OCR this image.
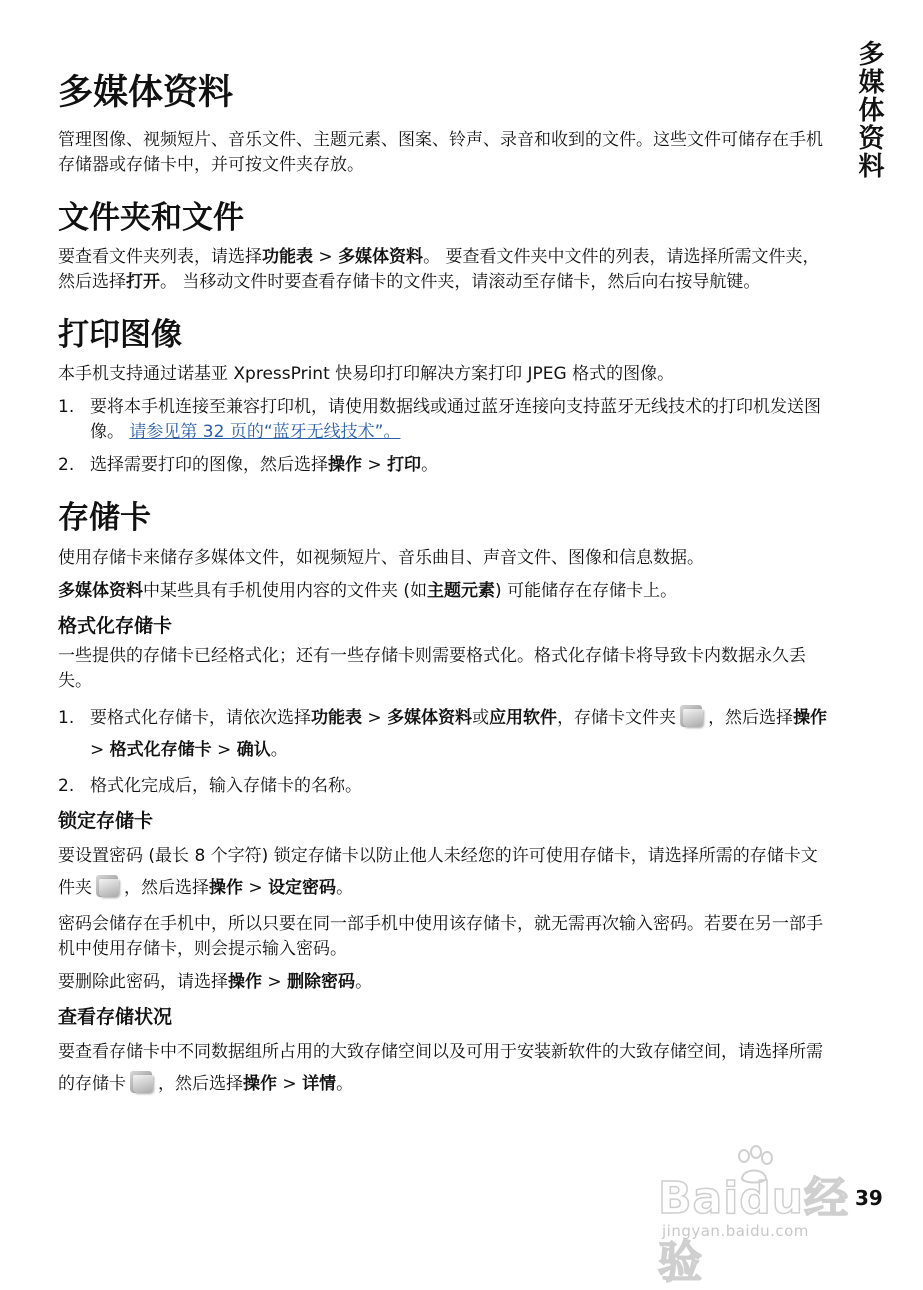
多媒体资料
多媒体资料

管理图像、视频短片、音乐文件、主题元素、图案、铃声、录音和收到的文件。这些文件可储存在手机存储器或存储卡中，并可按文件夹存放。

文件夹和文件

要查看文件夹列表，请选择功能表 > 多媒体资料。 要查看文件夹中文件的列表，请选择所需文件夹，然后选择打开。 当移动文件时要查看存储卡的文件夹，请滚动至存储卡，然后向右按导航键。

打印图像

本手机支持通过诺基亚 XpressPrint 快易印打印解决方案打印 JPEG 格式的图像。

1. 要将本手机连接至兼容打印机，请使用数据线或通过蓝牙连接向支持蓝牙无线技术的打印机发送图像。 请参见第 32 页的“蓝牙无线技术”。
2. 选择需要打印的图像，然后选择操作 > 打印。
存储卡

使用存储卡来储存多媒体文件，如视频短片、音乐曲目、声音文件、图像和信息数据。

多媒体资料中某些具有手机使用内容的文件夹 (如主题元素) 可能储存在存储卡上。

格式化存储卡

一些提供的存储卡已经格式化；还有一些存储卡则需要格式化。格式化存储卡将导致卡内数据永久丢失。

1. 要格式化存储卡，请依次选择功能表 > 多媒体资料或应用软件，存储卡文件夹 ，然后选择操作 > 格式化存储卡 > 确认。
2. 格式化完成后，输入存储卡的名称。
锁定存储卡

要设置密码 (最长 8 个字符) 锁定存储卡以防止他人未经您的许可使用存储卡，请选择所需的存储卡文件夹 ，然后选择操作 > 设定密码。

密码会储存在手机中，所以只要在同一部手机中使用该存储卡，就无需再次输入密码。若要在另一部手机中使用存储卡，则会提示输入密码。

要删除此密码，请选择操作 > 删除密码。

查看存储状况

要查看存储卡中不同数据组所占用的大致存储空间以及可用于安装新软件的大致存储空间，请选择所需的存储卡 ，然后选择操作 > 详情。

Baidu经验
jingyan.baidu.com
39
